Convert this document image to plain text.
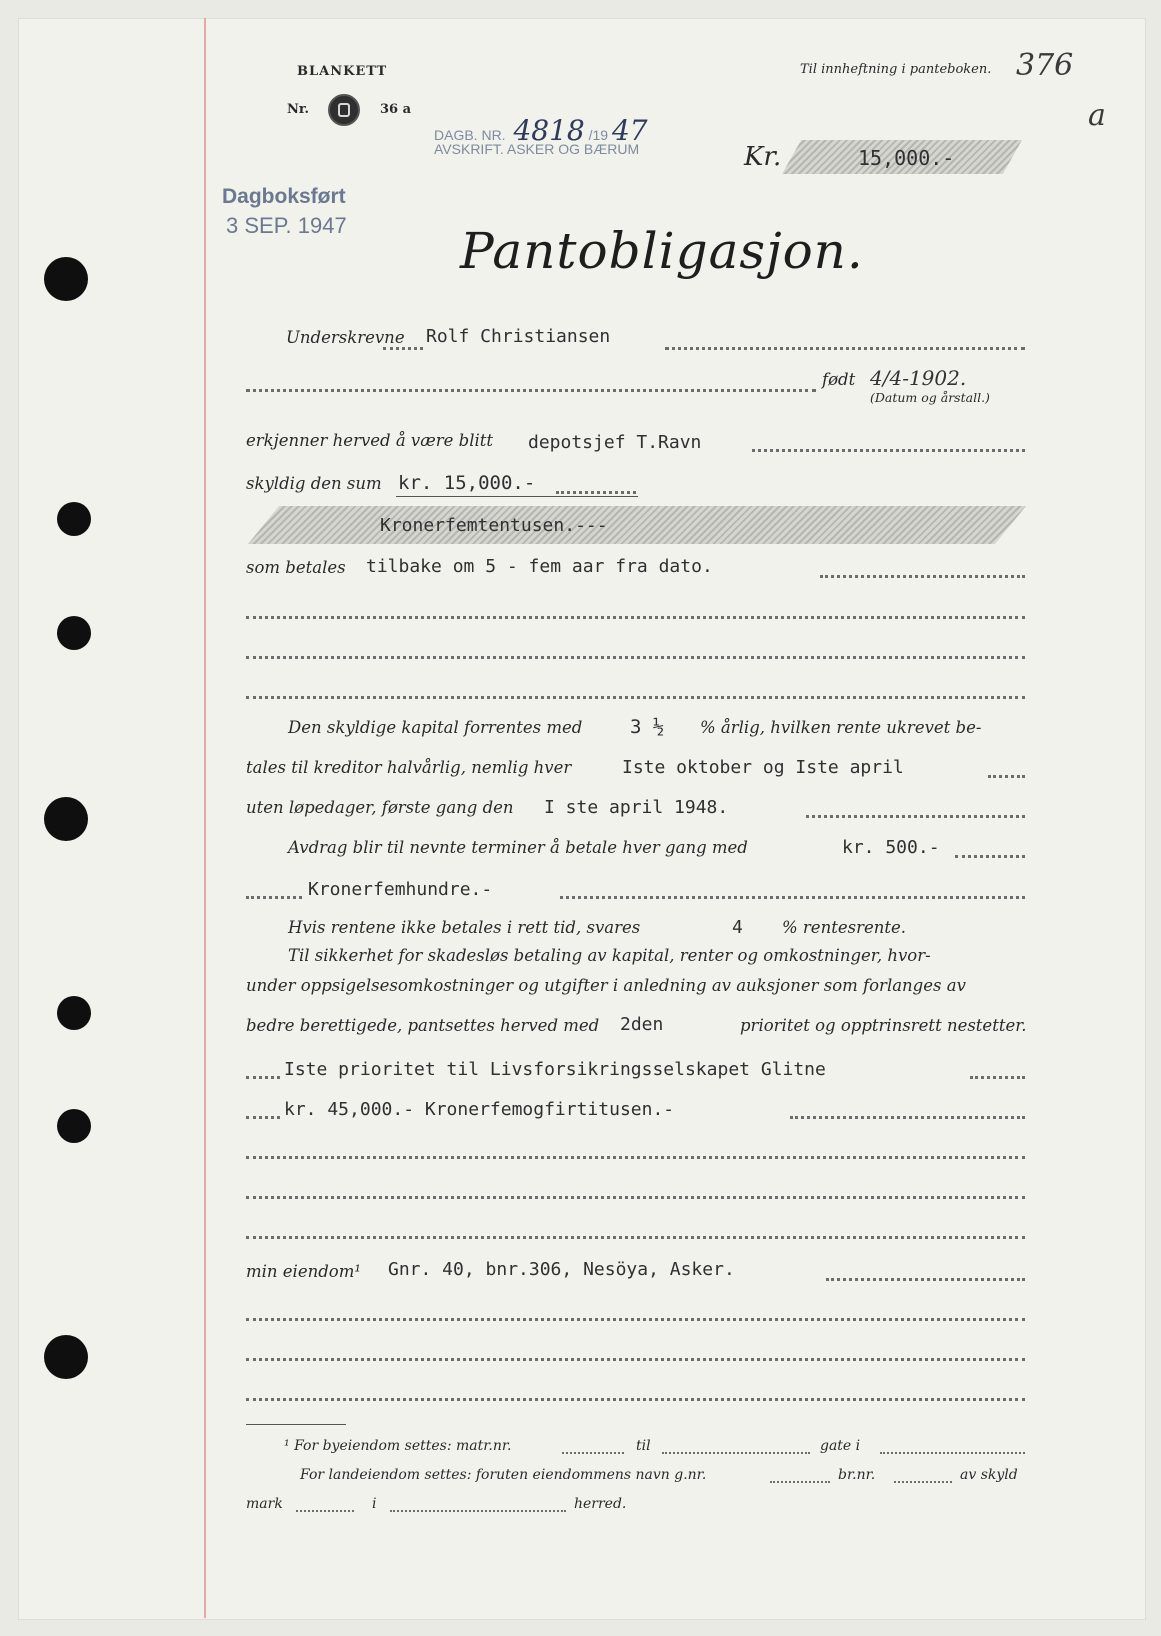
BLANKETT
Nr.	36 a
Til innheftning i panteboken. 376
a
DAGB. NR. 4818 /19 47
AVSKRIFT. ASKER OG BÆRUM
Dagboksført
3 SEP. 1947
Kr.	15,000.-
Pantobligasjon.
Underskrevne Rolf Christiansen
født 4/4-1902.
(Datum og årstall.)
erkjenner herved å være blitt depotsjef T.Ravn
skyldig den sum kr. 15,000.-
Kronerfemtentusen.---
som betales tilbake om 5 - fem aar fra dato.
Den skyldige kapital forrentes med	3 ½ % årlig, hvilken rente ukrevet be-
tales til kreditor halvårlig, nemlig hver	Iste oktober og Iste april
uten løpedager, første gang den I ste april 1948.
Avdrag blir til nevnte terminer å betale hver gang med	kr. 500.-
Kronerfemhundre.-
Hvis rentene ikke betales i rett tid, svares	4 % rentesrente.
Til sikkerhet for skadesløs betaling av kapital, renter og omkostninger, hvor-
under oppsigelsesomkostninger og utgifter i anledning av auksjoner som forlanges av
bedre berettigede, pantsettes herved med 2den	prioritet og opptrinsrett nestetter.
Iste prioritet til Livsforsikringsselskapet Glitne
kr. 45,000.- Kronerfemogfirtitusen.-
min eiendom¹ Gnr. 40, bnr.306, Nesöya, Asker.
¹ For byeiendom settes: matr.nr.	til	gate i
For landeiendom settes: foruten eiendommens navn g.nr.	br.nr.	av skyld
mark	i	herred.
